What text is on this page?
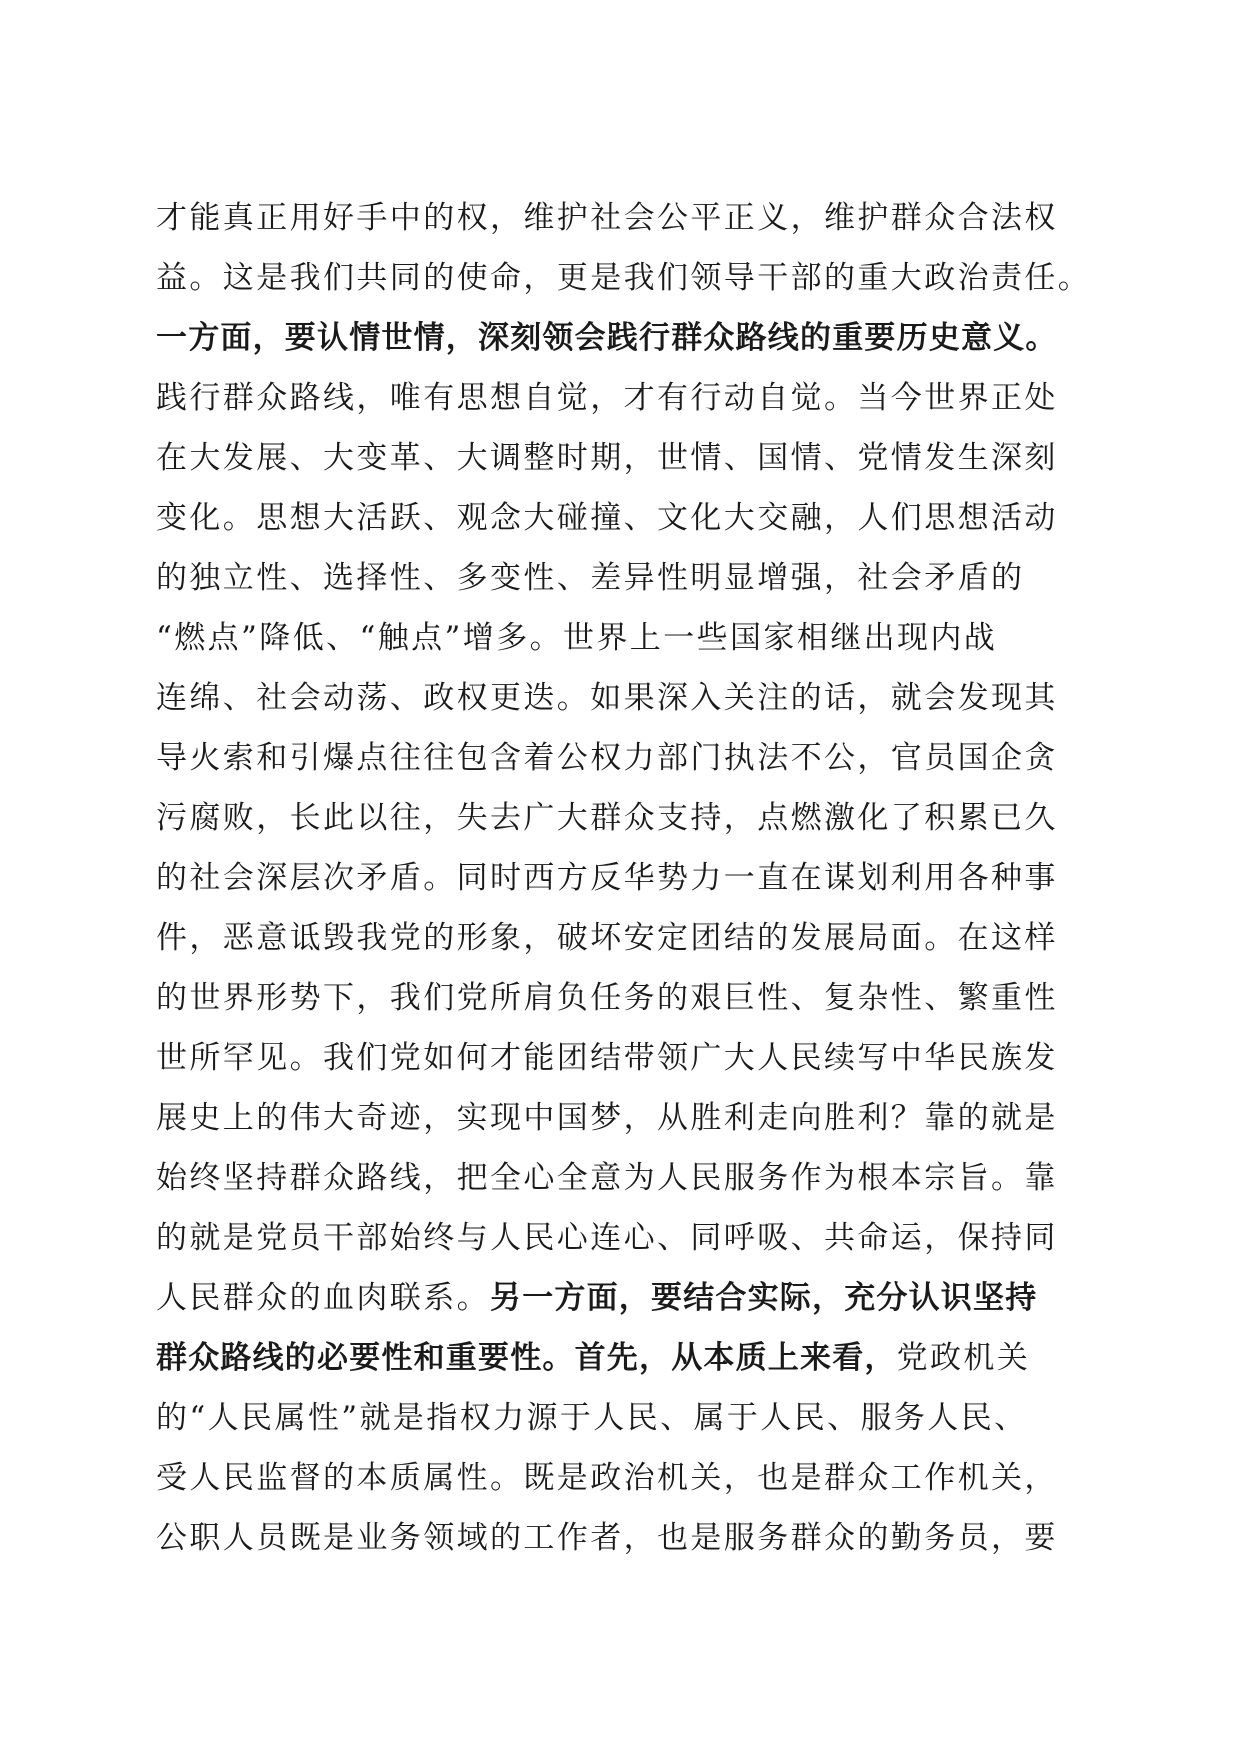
才能真正用好手中的权，维护社会公平正义，维护群众合法权
益。这是我们共同的使命，更是我们领导干部的重大政治责任。
一方面，要认情世情，深刻领会践行群众路线的重要历史意义。
践行群众路线，唯有思想自觉，才有行动自觉。当今世界正处
在大发展、大变革、大调整时期，世情、国情、党情发生深刻
变化。思想大活跃、观念大碰撞、文化大交融，人们思想活动
的独立性、选择性、多变性、差异性明显增强，社会矛盾的
“燃点”降低、“触点”增多。世界上一些国家相继出现内战
连绵、社会动荡、政权更迭。如果深入关注的话，就会发现其
导火索和引爆点往往包含着公权力部门执法不公，官员国企贪
污腐败，长此以往，失去广大群众支持，点燃激化了积累已久
的社会深层次矛盾。同时西方反华势力一直在谋划利用各种事
件，恶意诋毁我党的形象，破坏安定团结的发展局面。在这样
的世界形势下，我们党所肩负任务的艰巨性、复杂性、繁重性
世所罕见。我们党如何才能团结带领广大人民续写中华民族发
展史上的伟大奇迹，实现中国梦，从胜利走向胜利？靠的就是
始终坚持群众路线，把全心全意为人民服务作为根本宗旨。靠
的就是党员干部始终与人民心连心、同呼吸、共命运，保持同
人民群众的血肉联系。另一方面，要结合实际，充分认识坚持
群众路线的必要性和重要性。首先，从本质上来看，党政机关
的“人民属性”就是指权力源于人民、属于人民、服务人民、
受人民监督的本质属性。既是政治机关，也是群众工作机关，
公职人员既是业务领域的工作者，也是服务群众的勤务员，要
